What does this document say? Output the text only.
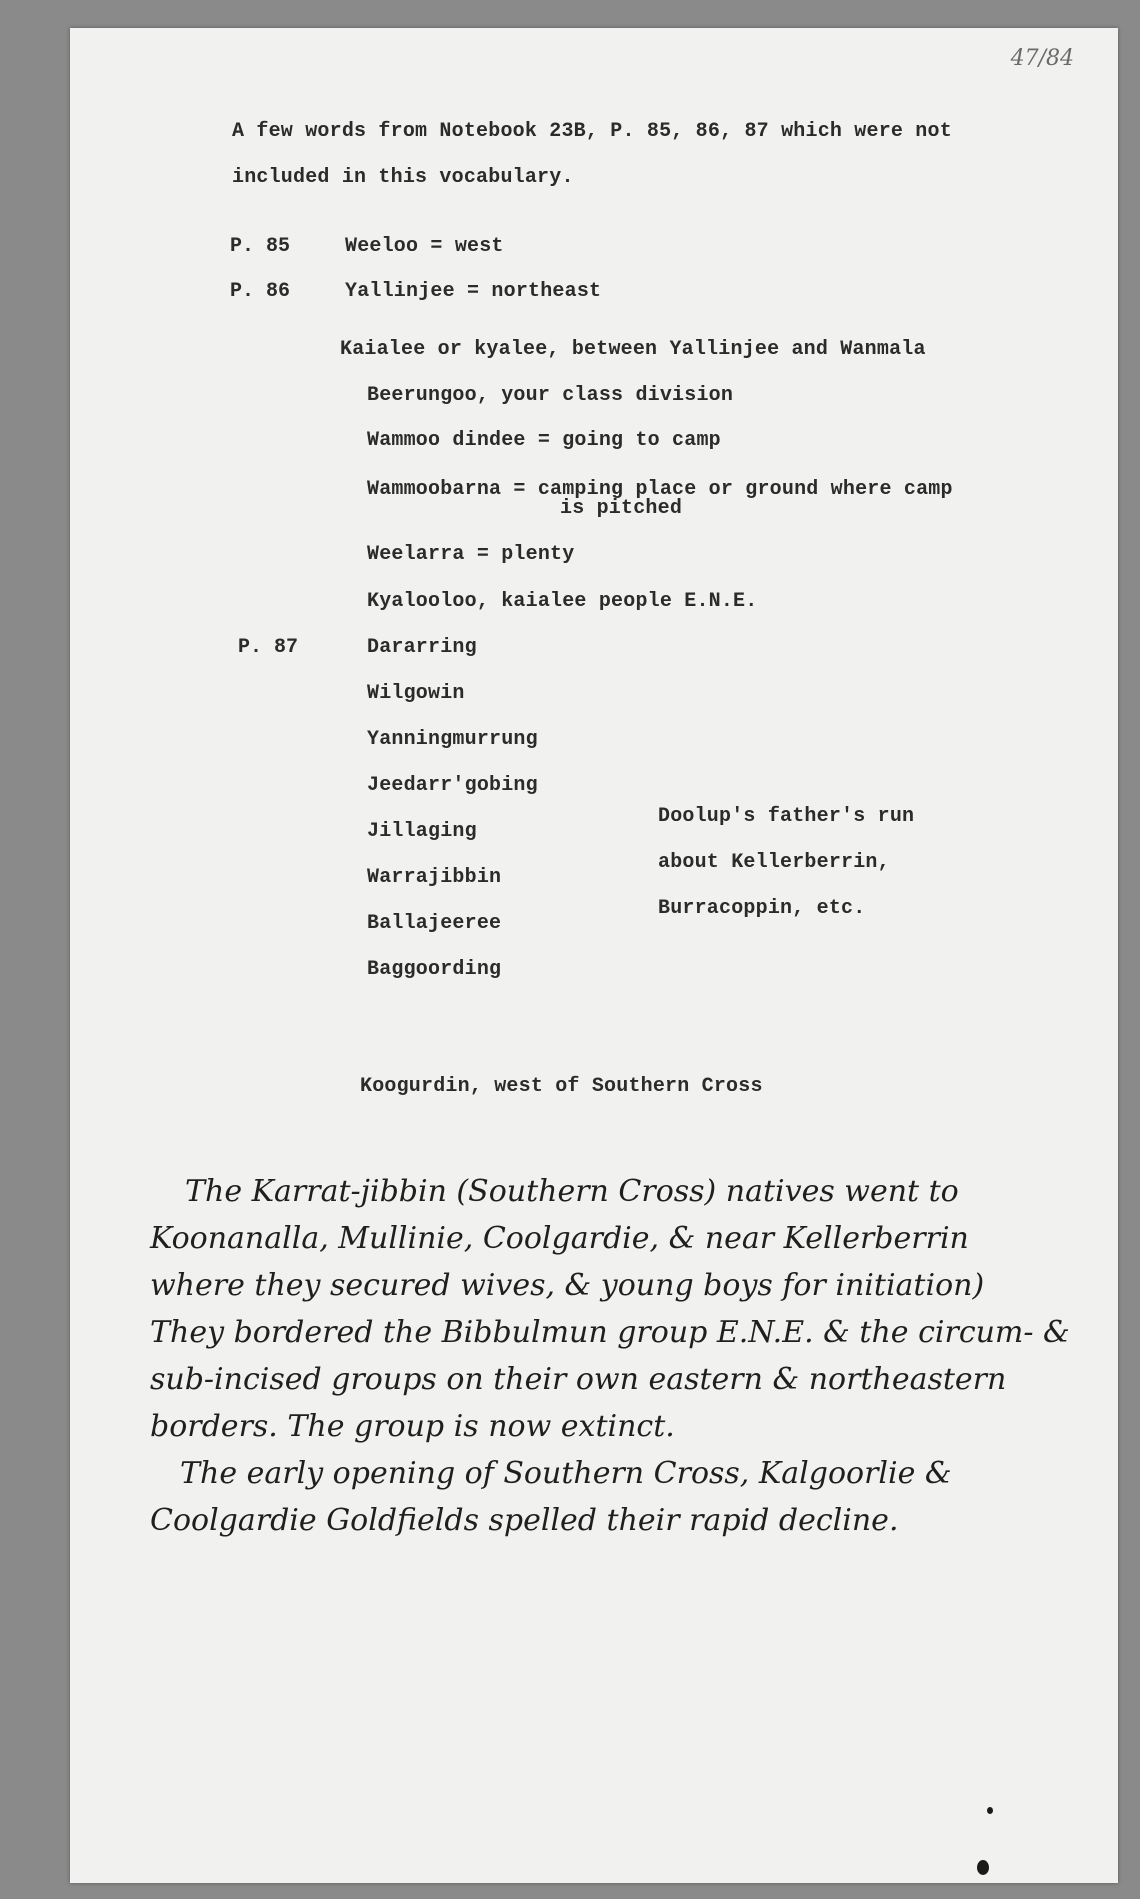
47/84
A few words from Notebook 23B, P. 85, 86, 87 which were not
included in this vocabulary.
P. 85	Weeloo = west
P. 86	Yallinjee = northeast
Kaialee or kyalee, between Yallinjee and Wanmala
Beerungoo, your class division
Wammoo dindee = going to camp
Wammoobarna = camping place or ground where camp
is pitched
Weelarra = plenty
Kyalooloo, kaialee people E.N.E.
P. 87	Dararring
Wilgowin
Yanningmurrung
Jeedarr'gobing
Jillaging
Warrajibbin
Ballajeeree
Baggoording
Doolup's father's run
about Kellerberrin,
Burracoppin, etc.
Koogurdin, west of Southern Cross
The Karrat-jibbin (Southern Cross) natives went to
Koonanalla, Mullinie, Coolgardie, & near Kellerberrin
where they secured wives, & young boys for initiation)
They bordered the Bibbulmun group E.N.E. & the circum- &
sub-incised groups on their own eastern & northeastern
borders. The group is now extinct.
The early opening of Southern Cross, Kalgoorlie &
Coolgardie Goldfields spelled their rapid decline.
